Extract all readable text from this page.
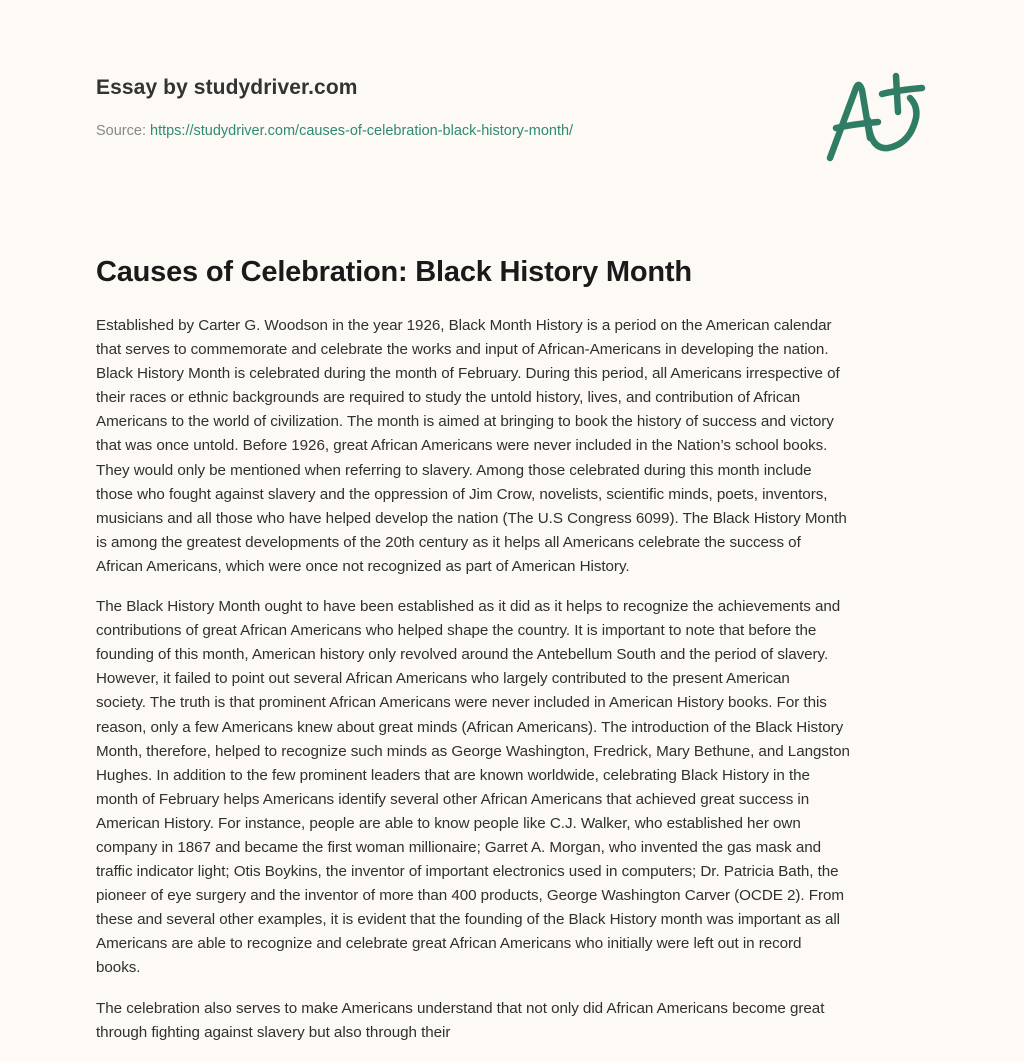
Essay by studydriver.com
Source: https://studydriver.com/causes-of-celebration-black-history-month/
Causes of Celebration: Black History Month

Established by Carter G. Woodson in the year 1926, Black Month History is a period on the American calendar
that serves to commemorate and celebrate the works and input of African-Americans in developing the nation.
Black History Month is celebrated during the month of February. During this period, all Americans irrespective of
their races or ethnic backgrounds are required to study the untold history, lives, and contribution of African
Americans to the world of civilization. The month is aimed at bringing to book the history of success and victory
that was once untold. Before 1926, great African Americans were never included in the Nation’s school books.
They would only be mentioned when referring to slavery. Among those celebrated during this month include
those who fought against slavery and the oppression of Jim Crow, novelists, scientific minds, poets, inventors,
musicians and all those who have helped develop the nation (The U.S Congress 6099). The Black History Month
is among the greatest developments of the 20th century as it helps all Americans celebrate the success of
African Americans, which were once not recognized as part of American History.

The Black History Month ought to have been established as it did as it helps to recognize the achievements and
contributions of great African Americans who helped shape the country. It is important to note that before the
founding of this month, American history only revolved around the Antebellum South and the period of slavery.
However, it failed to point out several African Americans who largely contributed to the present American
society. The truth is that prominent African Americans were never included in American History books. For this
reason, only a few Americans knew about great minds (African Americans). The introduction of the Black History
Month, therefore, helped to recognize such minds as George Washington, Fredrick, Mary Bethune, and Langston
Hughes. In addition to the few prominent leaders that are known worldwide, celebrating Black History in the
month of February helps Americans identify several other African Americans that achieved great success in
American History. For instance, people are able to know people like C.J. Walker, who established her own
company in 1867 and became the first woman millionaire; Garret A. Morgan, who invented the gas mask and
traffic indicator light; Otis Boykins, the inventor of important electronics used in computers; Dr. Patricia Bath, the
pioneer of eye surgery and the inventor of more than 400 products, George Washington Carver (OCDE 2). From
these and several other examples, it is evident that the founding of the Black History month was important as all
Americans are able to recognize and celebrate great African Americans who initially were left out in record
books.

The celebration also serves to make Americans understand that not only did African Americans become great
through fighting against slavery but also through their
